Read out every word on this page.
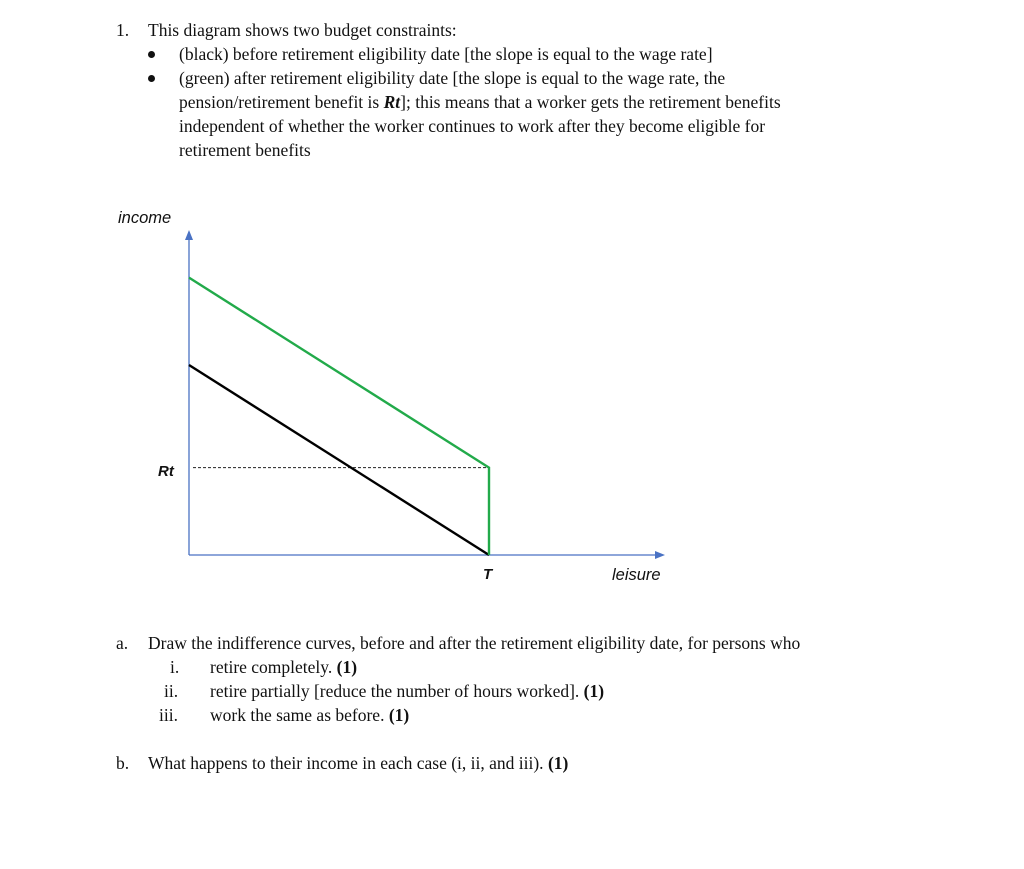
1. This diagram shows two budget constraints:
(black) before retirement eligibility date [the slope is equal to the wage rate]
(green) after retirement eligibility date [the slope is equal to the wage rate, the
pension/retirement benefit is Rt]; this means that a worker gets the retirement benefits
independent of whether the worker continues to work after they become eligible for
retirement benefits
income
leisure
Rt
T
a. Draw the indifference curves, before and after the retirement eligibility date, for persons who
i. retire completely. (1)
ii. retire partially [reduce the number of hours worked]. (1)
iii. work the same as before. (1)
b. What happens to their income in each case (i, ii, and iii). (1)
